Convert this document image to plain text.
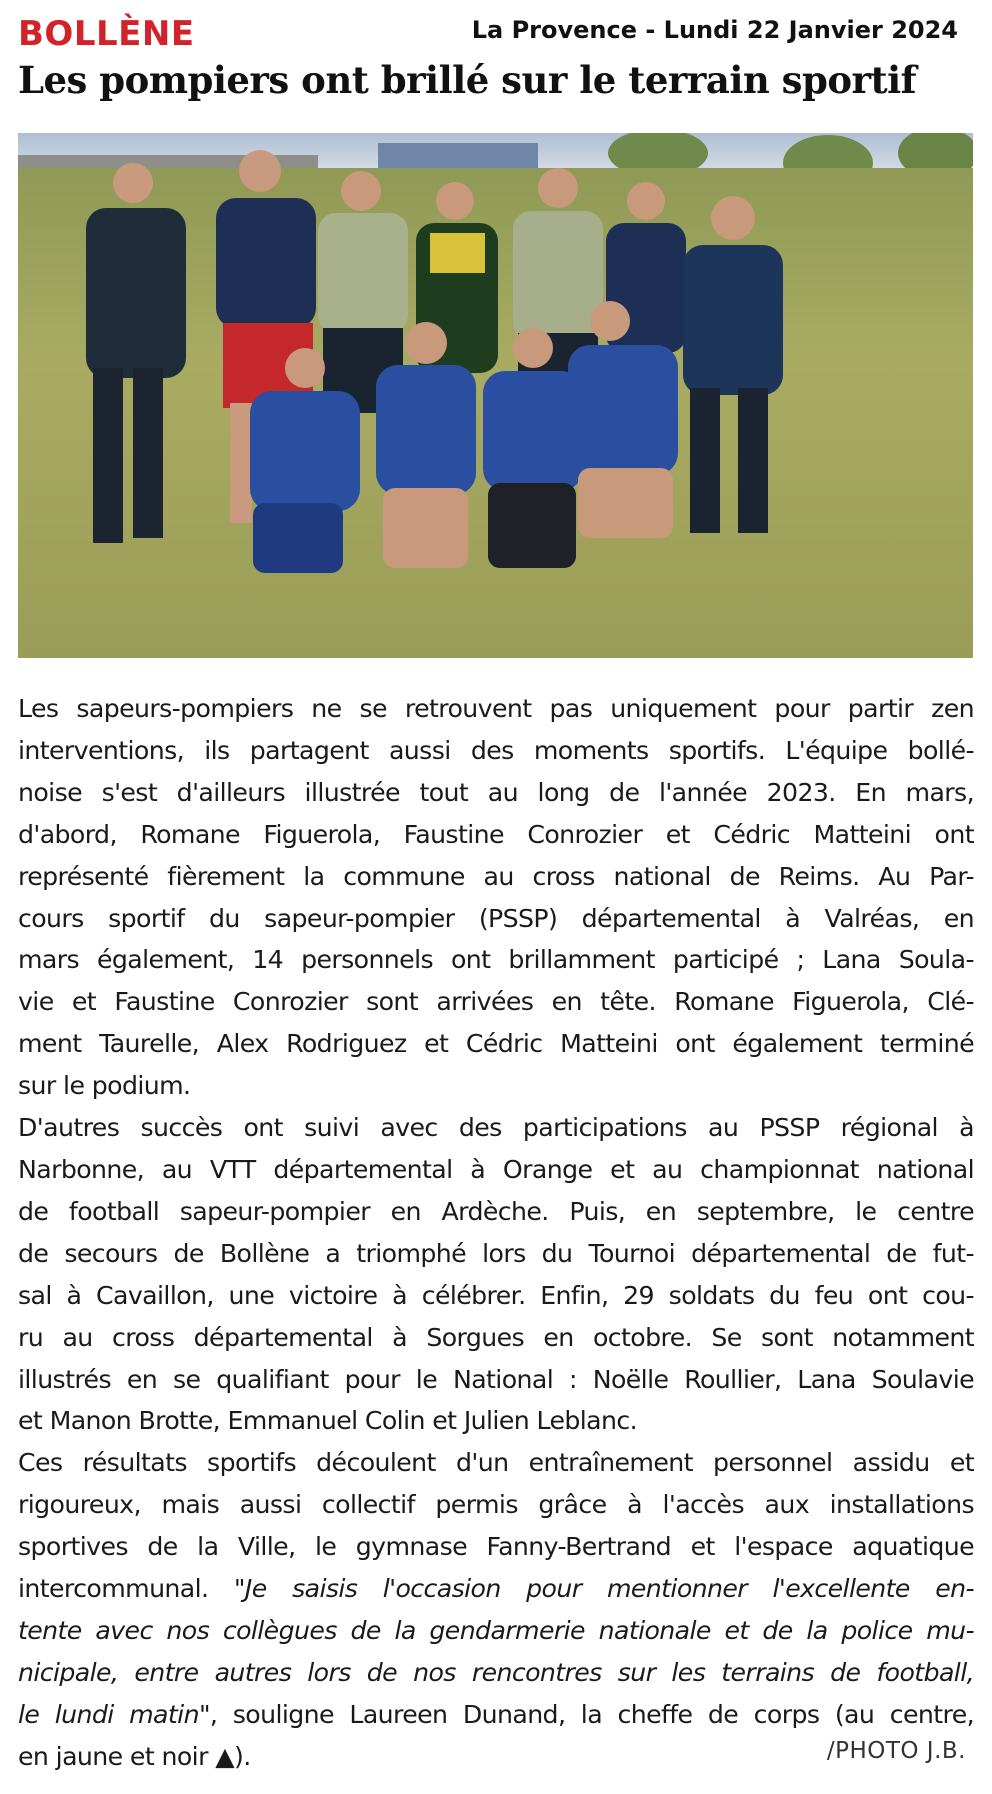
BOLLÈNE	La Provence - Lundi 22 Janvier 2024
Les pompiers ont brillé sur le terrain sportif
Les sapeurs-pompiers ne se retrouvent pas uniquement pour partir zen
interventions, ils partagent aussi des moments sportifs. L'équipe bollé-
noise s'est d'ailleurs illustrée tout au long de l'année 2023. En mars,
d'abord, Romane Figuerola, Faustine Conrozier et Cédric Matteini ont
représenté fièrement la commune au cross national de Reims. Au Par-
cours sportif du sapeur-pompier (PSSP) départemental à Valréas, en
mars également, 14 personnels ont brillamment participé ; Lana Soula-
vie et Faustine Conrozier sont arrivées en tête. Romane Figuerola, Clé-
ment Taurelle, Alex Rodriguez et Cédric Matteini ont également terminé
sur le podium.
D'autres succès ont suivi avec des participations au PSSP régional à
Narbonne, au VTT départemental à Orange et au championnat national
de football sapeur-pompier en Ardèche. Puis, en septembre, le centre
de secours de Bollène a triomphé lors du Tournoi départemental de fut-
sal à Cavaillon, une victoire à célébrer. Enfin, 29 soldats du feu ont cou-
ru au cross départemental à Sorgues en octobre. Se sont notamment
illustrés en se qualifiant pour le National : Noëlle Roullier, Lana Soulavie
et Manon Brotte, Emmanuel Colin et Julien Leblanc.
Ces résultats sportifs découlent d'un entraînement personnel assidu et
rigoureux, mais aussi collectif permis grâce à l'accès aux installations
sportives de la Ville, le gymnase Fanny-Bertrand et l'espace aquatique
intercommunal. "Je saisis l'occasion pour mentionner l'excellente en-
tente avec nos collègues de la gendarmerie nationale et de la police mu-
nicipale, entre autres lors de nos rencontres sur les terrains de football,
le lundi matin", souligne Laureen Dunand, la cheffe de corps (au centre,
en jaune et noir ▲).	/PHOTO J.B.
